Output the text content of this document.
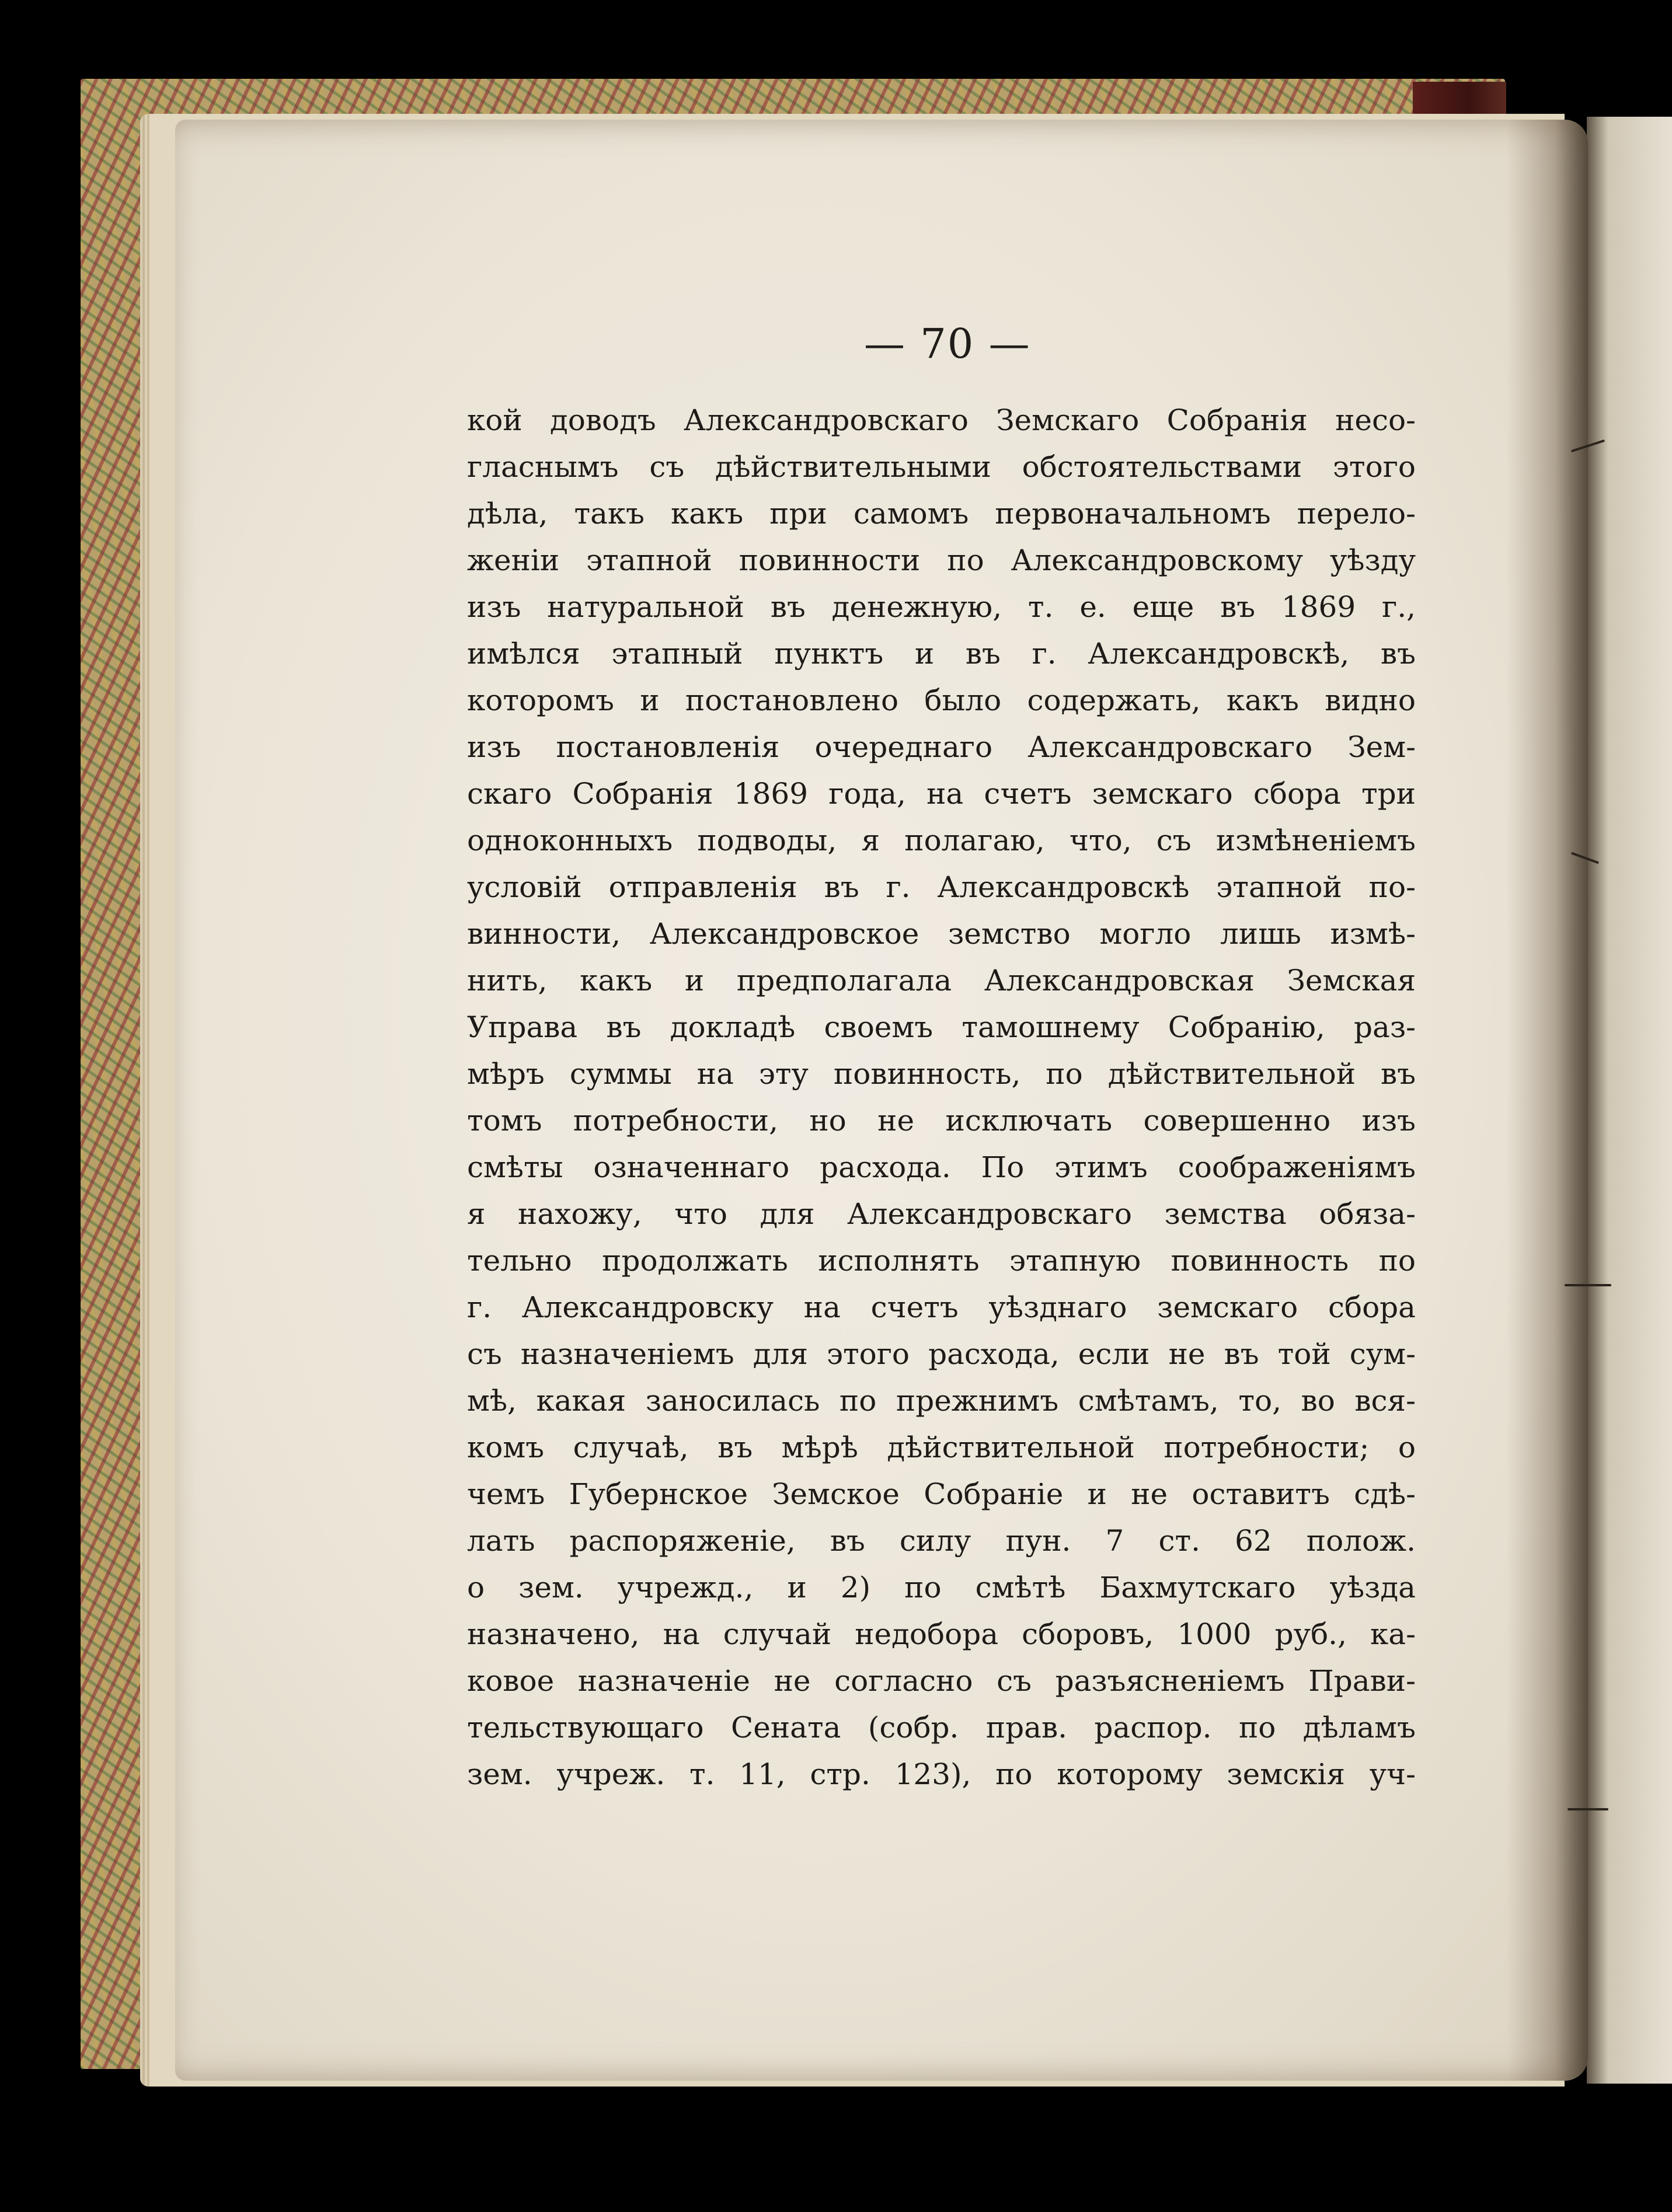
— 70 —
кой доводъ Александровскаго Земскаго Собранія несо-
гласнымъ съ дѣйствительными обстоятельствами этого
дѣла, такъ какъ при самомъ первоначальномъ перело-
женіи этапной повинности по Александровскому уѣзду
изъ натуральной въ денежную, т. е. еще въ 1869 г.,
имѣлся этапный пунктъ и въ г. Александровскѣ, въ
которомъ и постановлено было содержать, какъ видно
изъ постановленія очереднаго Александровскаго Зем-
скаго Собранія 1869 года, на счетъ земскаго сбора три
одноконныхъ подводы, я полагаю, что, съ измѣненіемъ
условій отправленія въ г. Александровскѣ этапной по-
винности, Александровское земство могло лишь измѣ-
нить, какъ и предполагала Александровская Земская
Управа въ докладѣ своемъ тамошнему Собранію, раз-
мѣръ суммы на эту повинность, по дѣйствительной въ
томъ потребности, но не исключать совершенно изъ
смѣты означеннаго расхода. По этимъ соображеніямъ
я нахожу, что для Александровскаго земства обяза-
тельно продолжать исполнять этапную повинность по
г. Александровску на счетъ уѣзднаго земскаго сбора
съ назначеніемъ для этого расхода, если не въ той сум-
мѣ, какая заносилась по прежнимъ смѣтамъ, то, во вся-
комъ случаѣ, въ мѣрѣ дѣйствительной потребности; о
чемъ Губернское Земское Собраніе и не оставитъ сдѣ-
лать распоряженіе, въ силу пун. 7 ст. 62 полож.
о зем. учрежд., и 2) по смѣтѣ Бахмутскаго уѣзда
назначено, на случай недобора сборовъ, 1000 руб., ка-
ковое назначеніе не согласно съ разъясненіемъ Прави-
тельствующаго Сената (собр. прав. распор. по дѣламъ
зем. учреж. т. 11, стр. 123), по которому земскія уч-
